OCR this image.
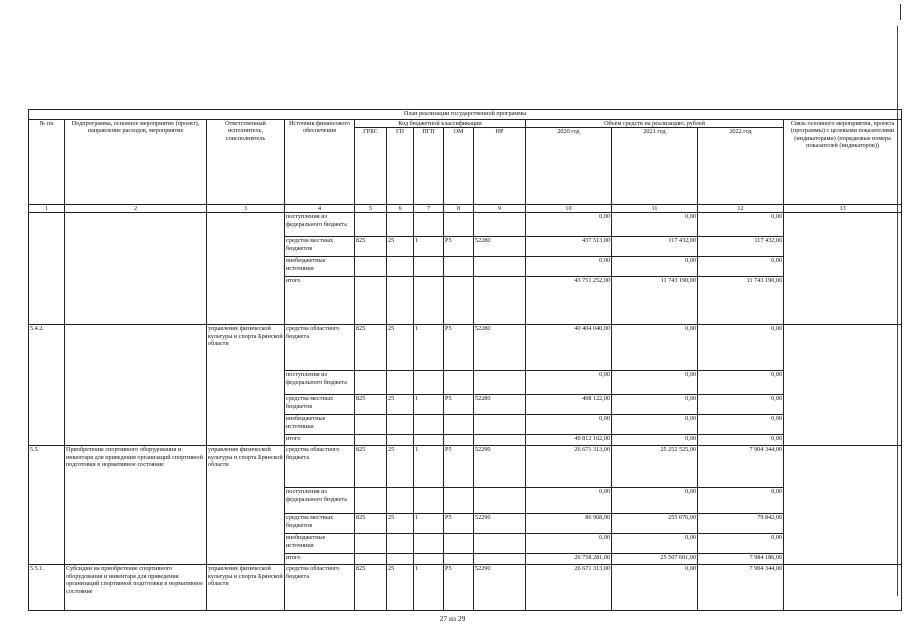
План реализации государственной программы												
№ пп	Подпрограмма, основное мероприятие (проект), направление расходов, мероприятие	Ответственный исполнитель, соисполнитель	Источник финансового обеспечения	Код бюджетной классификации					Объём средств на реализацию, рублей			Связь основного мероприятия, проекта (программы) с целевыми показателями (индикаторами) (порядковые номера показателей (индикаторов))
				ГРБС	ГП	ПГП	ОМ	НР	2020 год	2021 год	2022 год	
1	2	3	4	5	6	7	8	9	10	11	12	13
			поступления из федерального бюджета						0,00	0,00	0,00	
			средства местных бюджетов	825	25	1	P5	52280	437 513,00	117 432,00	117 432,00	
			внебюджетные источники						0,00	0,00	0,00	
			итого						43 751 252,00	11 743 190,00	11 743 190,00	
5.4.2.		управление физической культуры и спорта Брянской области	средства областного бюджета	825	25	1	P5	52280	40 404 040,00	0,00	0,00	
			поступления из федерального бюджета						0,00	0,00	0,00	
			средства местных бюджетов	825	25	1	P5	52280	408 122,00	0,00	0,00	
			внебюджетные источники						0,00	0,00	0,00	
			итого						40 812 162,00	0,00	0,00	
5.5.	Приобретение спортивного оборудования и инвентаря для приведения организаций спортивной подготовки в нормативное состояние	управление физической культуры и спорта Брянской области	средства областного бюджета	825	25	1	P5	52290	26 671 313,00	25 252 525,00	7 904 344,00	
			поступления из федерального бюджета						0,00	0,00	0,00	
			средства местных бюджетов	825	25	1	P5	52290	86 968,00	255 076,00	79 842,00	
			внебюджетные источники						0,00	0,00	0,00	
			итого						26 758 281,00	25 507 601,00	7 984 186,00	
5.5.1.	Субсидии на приобретение спортивного оборудования и инвентаря для приведения организаций спортивной подготовки в нормативное состояние	управление физической культуры и спорта Брянской области	средства областного бюджета	825	25	1	P5	52290	26 671 313,00	0,00	7 904 344,00	
27 из 29
